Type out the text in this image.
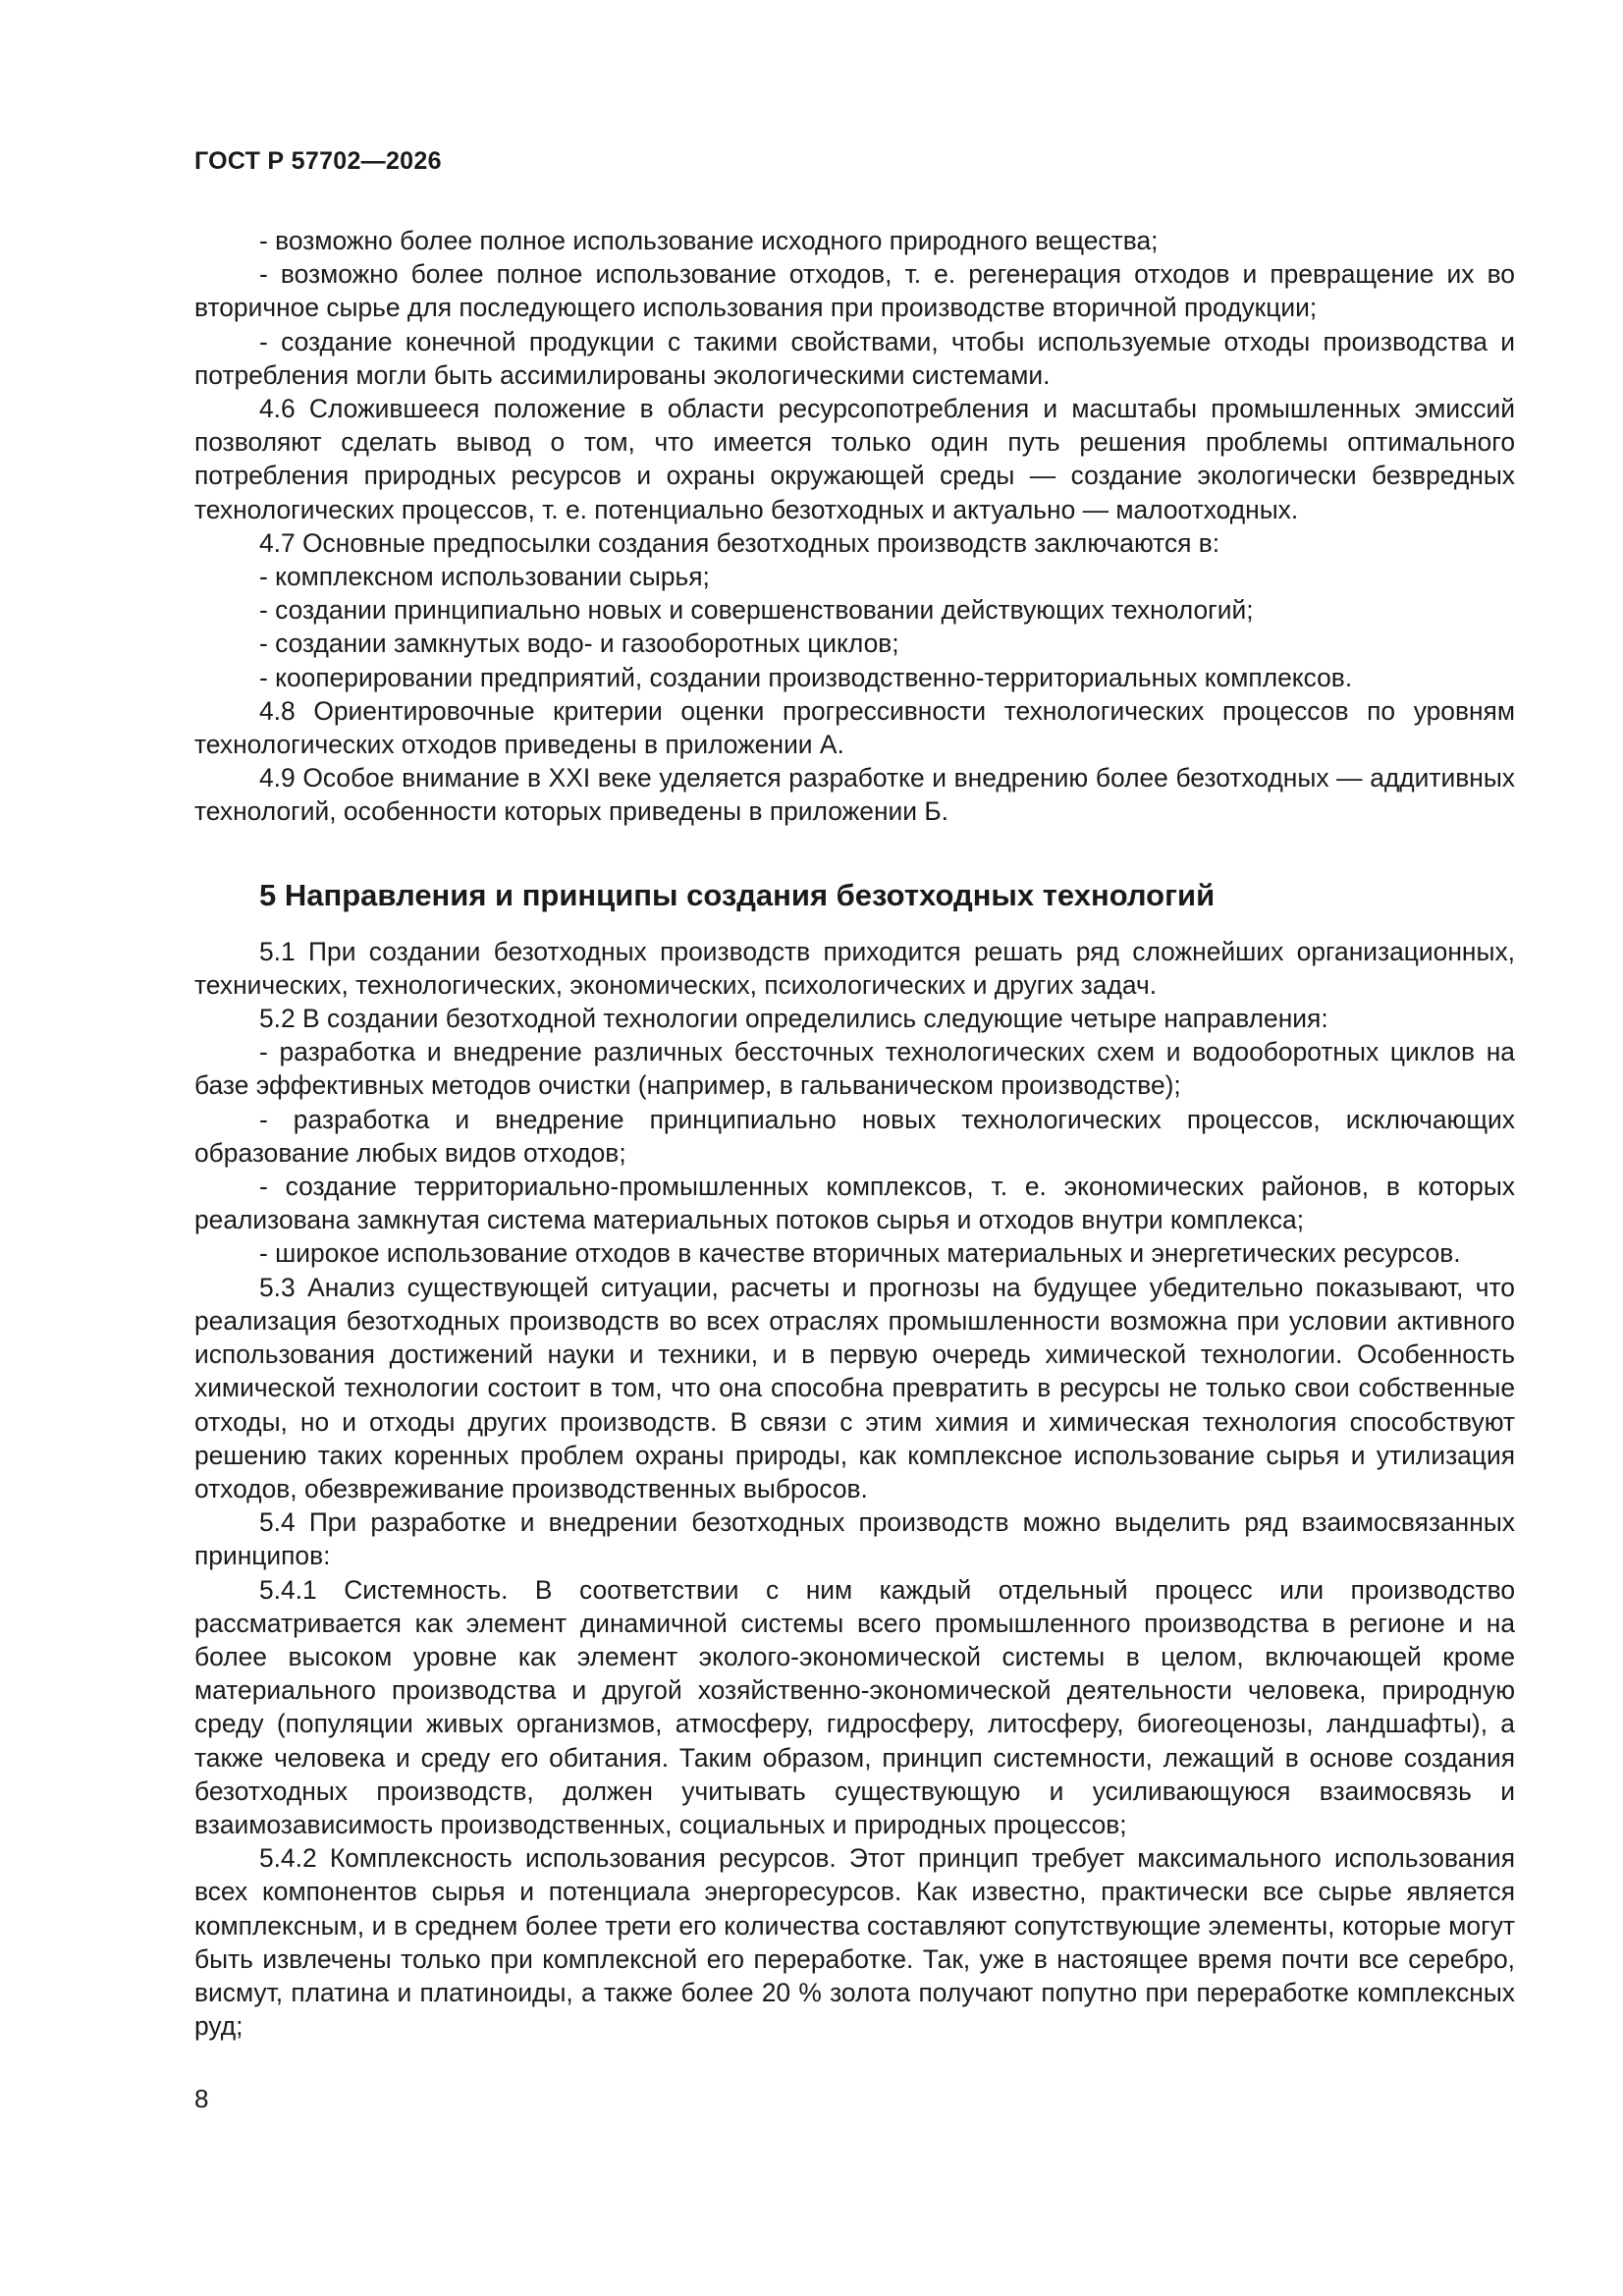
ГОСТ Р 57702—2026

- возможно более полное использование исходного природного вещества;

- возможно более полное использование отходов, т. е. регенерация отходов и превращение их во вторичное сырье для последующего использования при производстве вторичной продукции;

- создание конечной продукции с такими свойствами, чтобы используемые отходы производства и потребления могли быть ассимилированы экологическими системами.

4.6 Сложившееся положение в области ресурсопотребления и масштабы промышленных эмиссий позволяют сделать вывод о том, что имеется только один путь решения проблемы оптимального потребления природных ресурсов и охраны окружающей среды — создание экологически безвредных технологических процессов, т. е. потенциально безотходных и актуально — малоотходных.

4.7 Основные предпосылки создания безотходных производств заключаются в:

- комплексном использовании сырья;

- создании принципиально новых и совершенствовании действующих технологий;

- создании замкнутых водо- и газооборотных циклов;

- кооперировании предприятий, создании производственно-территориальных комплексов.

4.8 Ориентировочные критерии оценки прогрессивности технологических процессов по уровням технологических отходов приведены в приложении А.

4.9 Особое внимание в XXI веке уделяется разработке и внедрению более безотходных — аддитивных технологий, особенности которых приведены в приложении Б.

5 Направления и принципы создания безотходных технологий

5.1 При создании безотходных производств приходится решать ряд сложнейших организационных, технических, технологических, экономических, психологических и других задач.

5.2 В создании безотходной технологии определились следующие четыре направления:

- разработка и внедрение различных бессточных технологических схем и водооборотных циклов на базе эффективных методов очистки (например, в гальваническом производстве);

- разработка и внедрение принципиально новых технологических процессов, исключающих образование любых видов отходов;

- создание территориально-промышленных комплексов, т. е. экономических районов, в которых реализована замкнутая система материальных потоков сырья и отходов внутри комплекса;

- широкое использование отходов в качестве вторичных материальных и энергетических ресурсов.

5.3 Анализ существующей ситуации, расчеты и прогнозы на будущее убедительно показывают, что реализация безотходных производств во всех отраслях промышленности возможна при условии активного использования достижений науки и техники, и в первую очередь химической технологии. Особенность химической технологии состоит в том, что она способна превратить в ресурсы не только свои собственные отходы, но и отходы других производств. В связи с этим химия и химическая технология способствуют решению таких коренных проблем охраны природы, как комплексное использование сырья и утилизация отходов, обезвреживание производственных выбросов.

5.4 При разработке и внедрении безотходных производств можно выделить ряд взаимосвязанных принципов:

5.4.1 Системность. В соответствии с ним каждый отдельный процесс или производство рассматривается как элемент динамичной системы всего промышленного производства в регионе и на более высоком уровне как элемент эколого-экономической системы в целом, включающей кроме материального производства и другой хозяйственно-экономической деятельности человека, природную среду (популяции живых организмов, атмосферу, гидросферу, литосферу, биогеоценозы, ландшафты), а также человека и среду его обитания. Таким образом, принцип системности, лежащий в основе создания безотходных производств, должен учитывать существующую и усиливающуюся взаимосвязь и взаимозависимость производственных, социальных и природных процессов;

5.4.2 Комплексность использования ресурсов. Этот принцип требует максимального использования всех компонентов сырья и потенциала энергоресурсов. Как известно, практически все сырье является комплексным, и в среднем более трети его количества составляют сопутствующие элементы, которые могут быть извлечены только при комплексной его переработке. Так, уже в настоящее время почти все серебро, висмут, платина и платиноиды, а также более 20 % золота получают попутно при переработке комплексных руд;

8
